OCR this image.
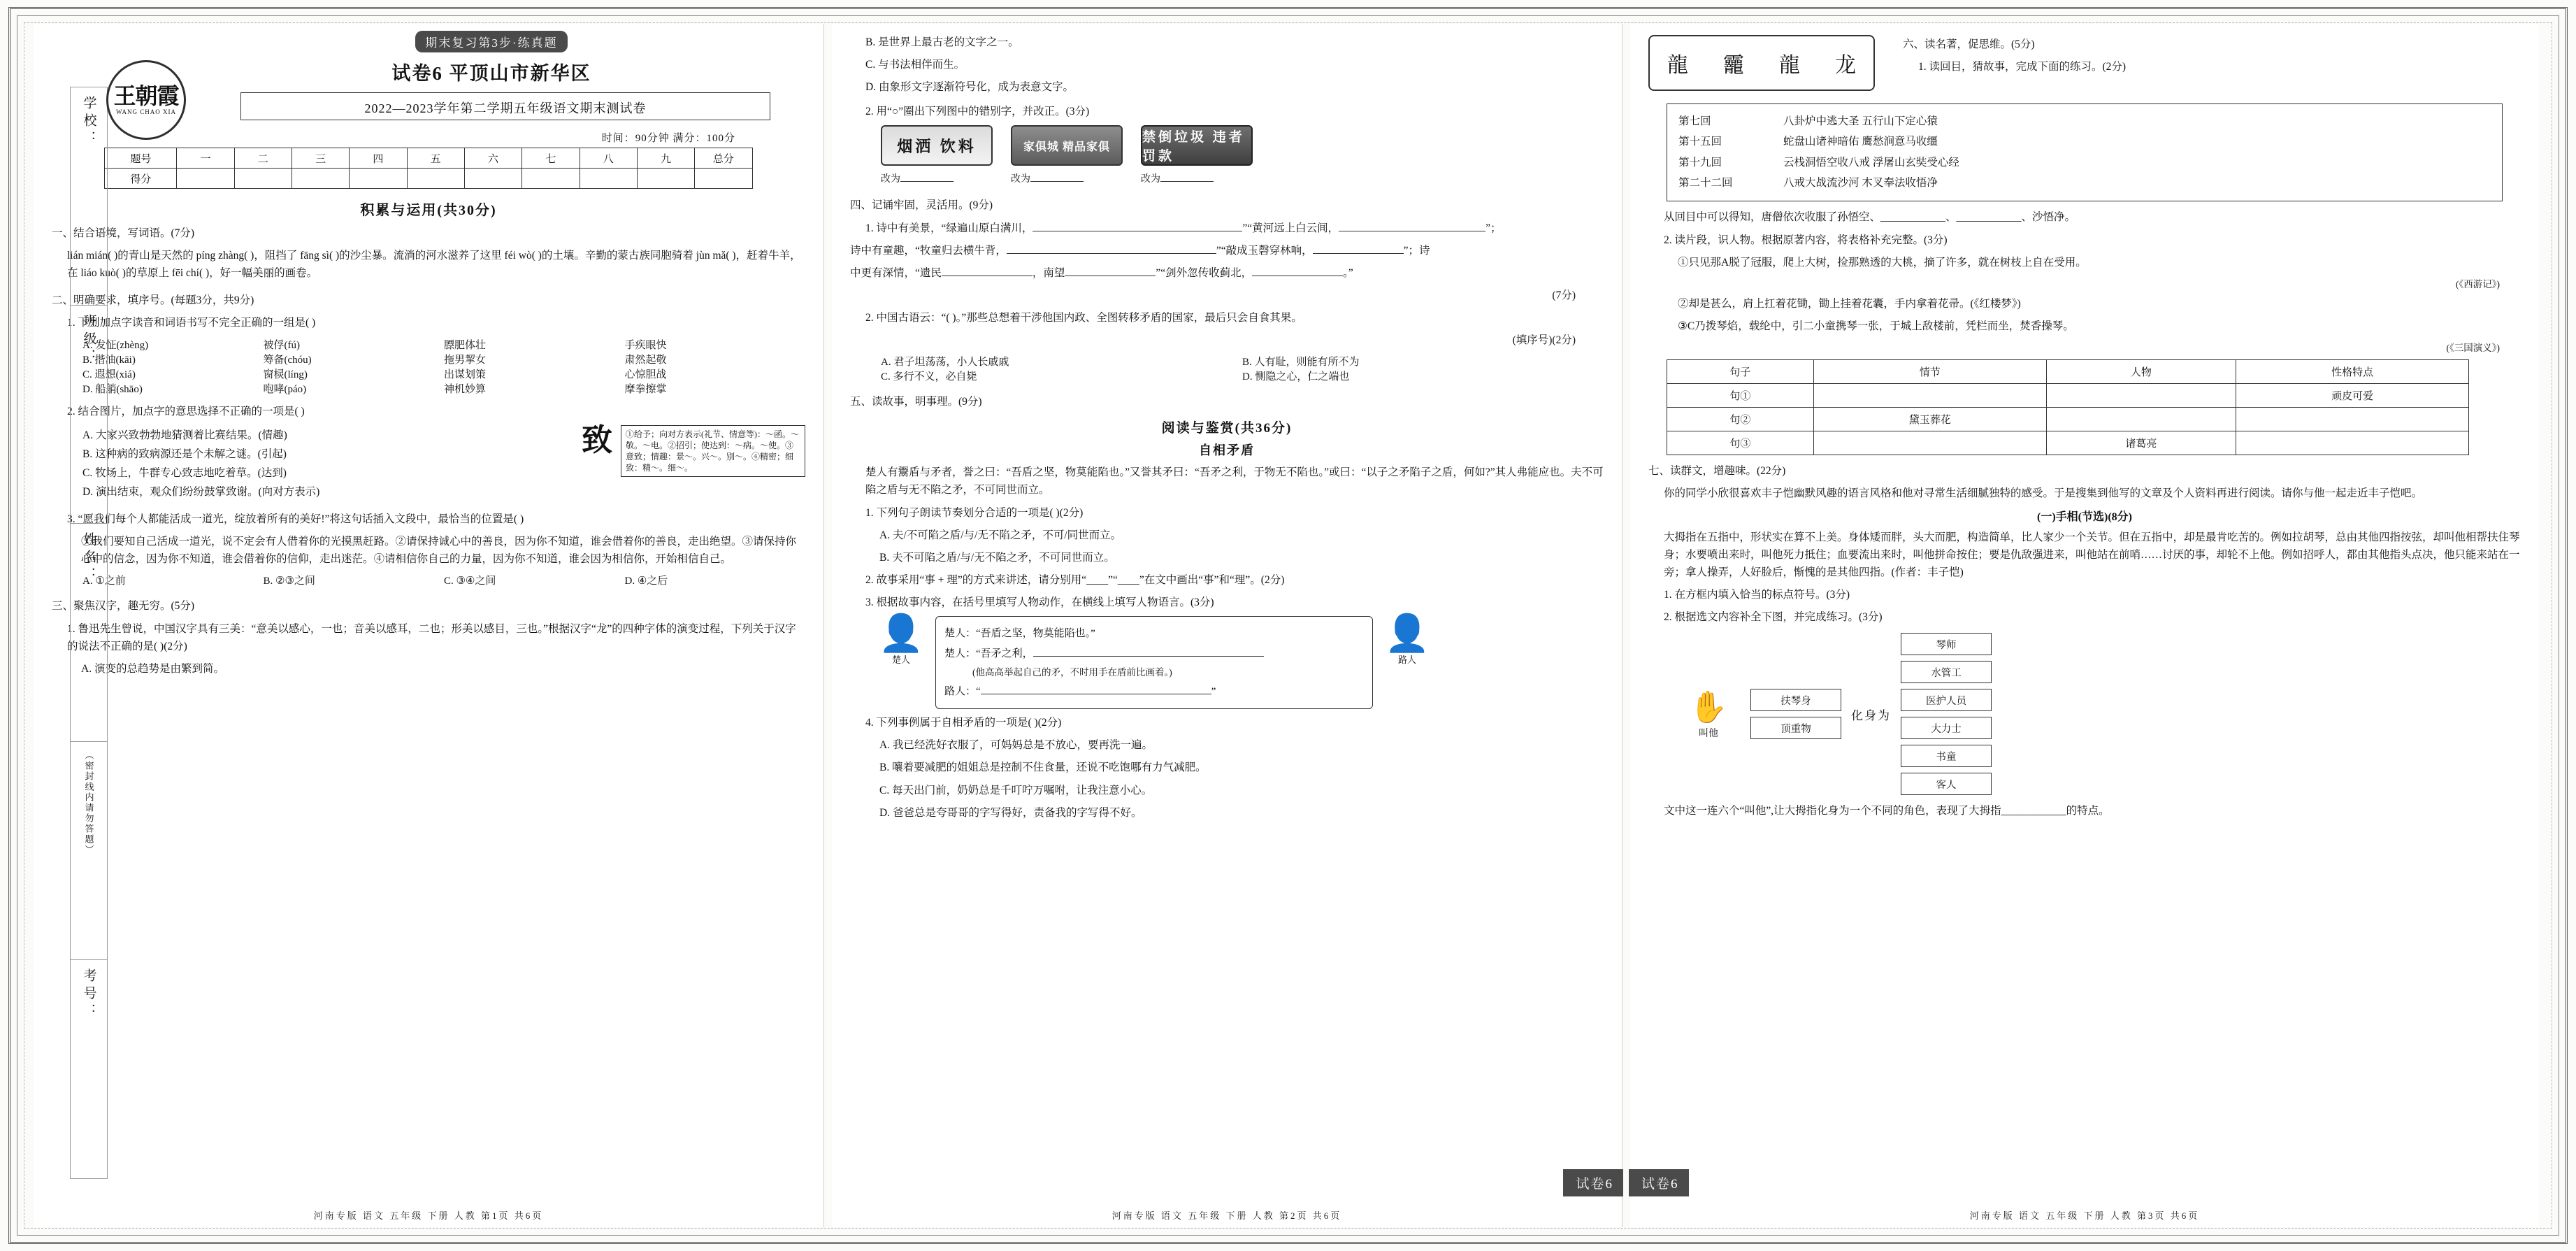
学校：
班级：
姓名：
（密封线内请勿答题）
考号：
王朝霞
WANG CHAO XIA
期末复习第3步·练真题
试卷6 平顶山市新华区
2022—2023学年第二学期五年级语文期末测试卷
时间：90分钟 满分：100分
题号	一	二	三	四	五	六	七	八	九	总分
得分										
积累与运用(共30分)
一、结合语境，写词语。(7分)
lián mián( )的青山是天然的 píng zhàng( )，阻挡了 fāng sì( )的沙尘暴。流淌的河水滋养了这里 féi wò( )的土壤。辛勤的蒙古族同胞骑着 jùn mǎ( )，赶着牛羊，在 liáo kuò( )的草原上 fēi chí( )，好一幅美丽的画卷。
二、明确要求，填序号。(每题3分，共9分)
1. 下列加点字读音和词语书写不完全正确的一组是( )
A. 发怔(zhèng)	被俘(fú)	膘肥体壮	手疾眼快
B. 揩油(kāi)	筹备(chóu)	拖男挈女	肃然起敬
C. 遐想(xiá)	窗棂(líng)	出谋划策	心惊胆战
D. 船艄(shāo)	咆哮(páo)	神机妙算	摩拳擦掌
2. 结合图片，加点字的意思选择不正确的一项是( )
A. 大家兴致勃勃地猜测着比赛结果。(情趣)
B. 这种病的致病源还是个未解之谜。(引起)
C. 牧场上，牛群专心致志地吃着草。(达到)
D. 演出结束，观众们纷纷鼓掌致谢。(向对方表示)
致	①给予；向对方表示(礼节、情意等)：～函。～敬。～电。②招引；使达到：～病。～使。③意致；情趣：景～。兴～。别～。④精密；细致：精～。细～。
3. “愿我们每个人都能活成一道光，绽放着所有的美好!”将这句话插入文段中，最恰当的位置是( )
①我们要知自己活成一道光，说不定会有人借着你的光摸黑赶路。②请保持诚心中的善良，因为你不知道，谁会借着你的善良，走出绝望。③请保持你心中的信念，因为你不知道，谁会借着你的信仰，走出迷茫。④请相信你自己的力量，因为你不知道，谁会因为相信你，开始相信自己。
A. ①之前	B. ②③之间	C. ③④之间	D. ④之后
三、聚焦汉字，趣无穷。(5分)
1. 鲁迅先生曾说，中国汉字具有三美：“意美以感心，一也；音美以感耳，二也；形美以感目，三也。”根据汉字“龙”的四种字体的演变过程，下列关于汉字的说法不正确的是( )(2分)
A. 演变的总趋势是由繁到简。
河南专版 语文 五年级 下册 人教 第1页 共6页
B. 是世界上最古老的文字之一。
C. 与书法相伴而生。
D. 由象形文字逐渐符号化，成为表意文字。
2. 用“○”圈出下列图中的错别字，并改正。(3分)
烟洒 饮料
改为
家俱城 精品家俱
改为
禁倒垃圾 违者罚款
改为
四、记诵牢固，灵活用。(9分)
1. 诗中有美景，“绿遍山原白满川，	”“黄河远上白云间，	”；
诗中有童趣，“牧童归去横牛背，	”“敲成玉磬穿林响，	”；诗
中更有深情，“遗民	，南望	”“剑外忽传收蓟北，	。”
(7分)
2. 中国古语云：“( )。”那些总想着干涉他国内政、全图转移矛盾的国家，最后只会自食其果。
(填序号)(2分)
A. 君子坦荡荡，小人长戚戚	B. 人有耻，则能有所不为
C. 多行不义，必自毙	D. 恻隐之心，仁之端也
五、读故事，明事理。(9分)
阅读与鉴赏(共36分)
自相矛盾
楚人有鬻盾与矛者，誉之曰：“吾盾之坚，物莫能陷也。”又誉其矛曰：“吾矛之利，于物无不陷也。”或曰：“以子之矛陷子之盾，何如?”其人弗能应也。夫不可陷之盾与无不陷之矛，不可同世而立。
1. 下列句子朗读节奏划分合适的一项是( )(2分)
A. 夫/不可陷之盾/与/无不陷之矛，不可/同世而立。
B. 夫不可陷之盾/与/无不陷之矛，不可同世而立。
2. 故事采用“事 + 理”的方式来讲述，请分别用“____”“____”在文中画出“事”和“理”。(2分)
3. 根据故事内容，在括号里填写人物动作，在横线上填写人物语言。(3分)
👤
楚人
楚人：“吾盾之坚，物莫能陷也。”
楚人：“吾矛之利，
(他高高举起自己的矛，不时用手在盾前比画着。)
路人：“	”
👤
路人
4. 下列事例属于自相矛盾的一项是( )(2分)
A. 我已经洗好衣服了，可妈妈总是不放心，要再洗一遍。
B. 嚷着要减肥的姐姐总是控制不住食量，还说不吃饱哪有力气减肥。
C. 每天出门前，奶奶总是千叮咛万嘱咐，让我注意小心。
D. 爸爸总是夸哥哥的字写得好，责备我的字写得不好。
河南专版 语文 五年级 下册 人教 第2页 共6页
试卷6
龍 龗 龍 龙
六、读名著，促思维。(5分)
1. 读回目，猜故事，完成下面的练习。(2分)
第七回	八卦炉中逃大圣 五行山下定心猿
第十五回	蛇盘山诸神暗佑 鹰愁涧意马收缰
第十九回	云栈洞悟空收八戒 浮屠山玄奘受心经
第二十二回	八戒大战流沙河 木叉奉法收悟净
从回目中可以得知，唐僧依次收服了孙悟空、____________、____________、沙悟净。
2. 读片段，识人物。根据原著内容，将表格补充完整。(3分)
①只见那A脱了冠服，爬上大树，捡那熟透的大桃，摘了许多，就在树枝上自在受用。
(《西游记》)
②却是甚么，肩上扛着花锄，锄上挂着花囊，手内拿着花帚。(《红楼梦》)
③C乃拨琴焰，载纶中，引二小童携琴一张，于城上敌楼前，凭栏而坐，焚香操琴。
(《三国演义》)
句子	情节	人物	性格特点
句①			顽皮可爱
句②	黛玉葬花		
句③		诸葛亮	
七、读群文，增趣味。(22分)
你的同学小欣很喜欢丰子恺幽默风趣的语言风格和他对寻常生活细腻独特的感受。于是搜集到他写的文章及个人资料再进行阅读。请你与他一起走近丰子恺吧。
(一)手相(节选)(8分)
大拇指在五指中，形状实在算不上美。身体矮而胖，头大而肥，构造简单，比人家少一个关节。但在五指中，却是最肯吃苦的。例如拉胡琴，总由其他四指按弦，却叫他相帮扶住琴身；水要喷出来时，叫他死力抵住；血要流出来时，叫他拼命按住；要是仇敌强进来，叫他站在前哨……讨厌的事，却轮不上他。例如招呼人，都由其他指头点决，他只能来站在一旁；拿人操弄，人好脸后，惭愧的是其他四指。(作者：丰子恺)
1. 在方框内填入恰当的标点符号。(3分)
2. 根据选文内容补全下图，并完成练习。(3分)
✋
叫他
扶琴身
顶重物
化身为
琴师
水管工
医护人员
大力士
书童
客人
文中这一连六个“叫他”,让大拇指化身为一个不同的角色，表现了大拇指____________的特点。
河南专版 语文 五年级 下册 人教 第3页 共6页
试卷6
